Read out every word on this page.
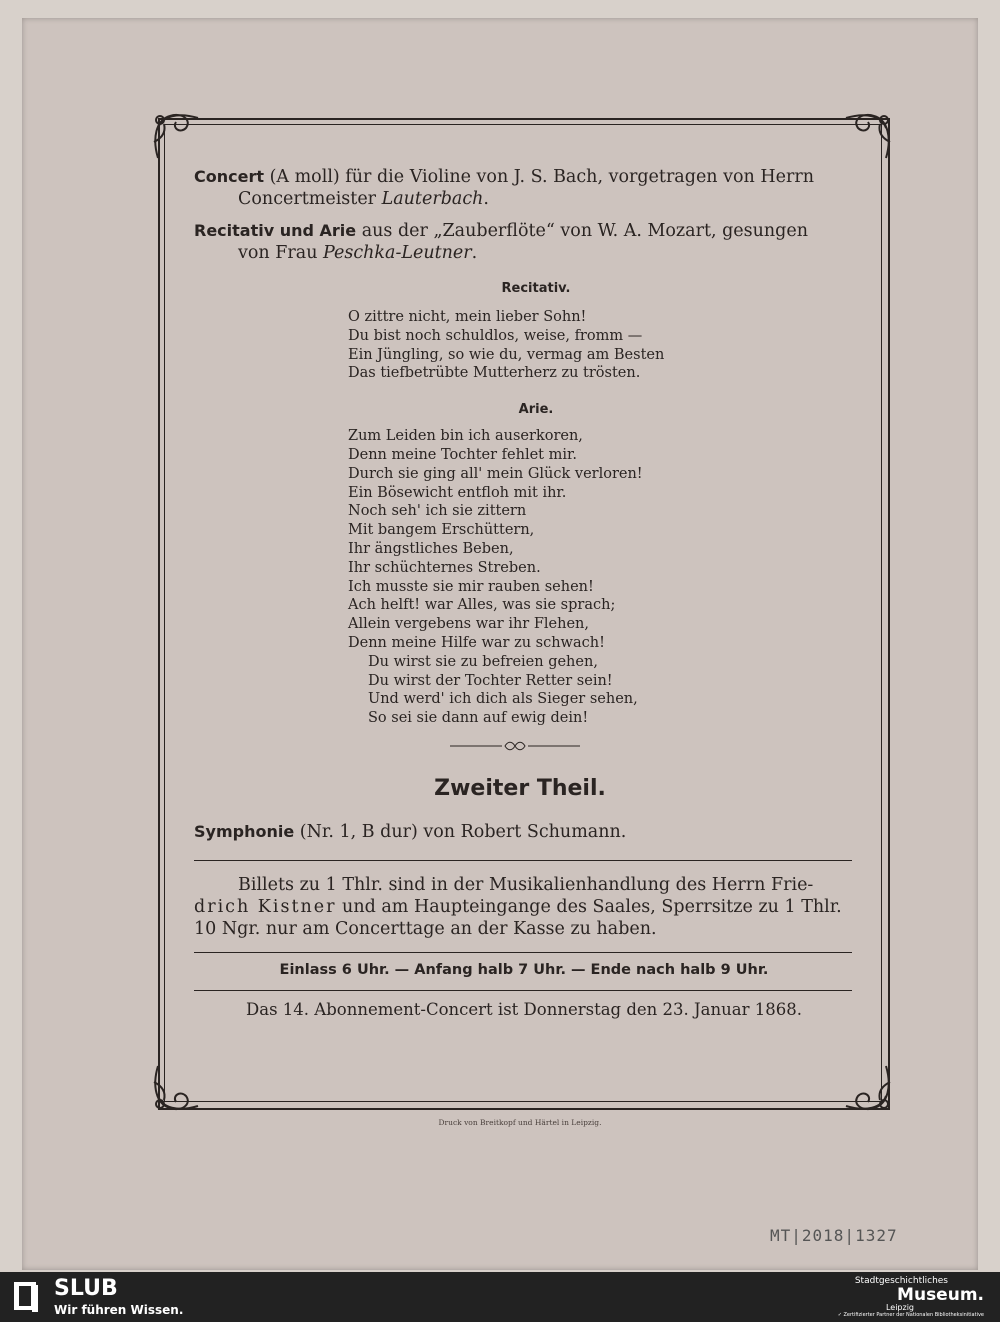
Concert (A moll) für die Violine von J. S. Bach, vorgetragen von Herrn
Concertmeister Lauterbach.

Recitativ und Arie aus der „Zauberflöte“ von W. A. Mozart, gesungen
von Frau Peschka-Leutner.

Recitativ.

O zittre nicht, mein lieber Sohn!
Du bist noch schuldlos, weise, fromm —
Ein Jüngling, so wie du, vermag am Besten
Das tiefbetrübte Mutterherz zu trösten.

Arie.

Zum Leiden bin ich auserkoren,
Denn meine Tochter fehlet mir.
Durch sie ging all' mein Glück verloren!
Ein Bösewicht entfloh mit ihr.
Noch seh' ich sie zittern
Mit bangem Erschüttern,
Ihr ängstliches Beben,
Ihr schüchternes Streben.
Ich musste sie mir rauben sehen!
Ach helft! war Alles, was sie sprach;
Allein vergebens war ihr Flehen,
Denn meine Hilfe war zu schwach!
Du wirst sie zu befreien gehen,
Du wirst der Tochter Retter sein!
Und werd' ich dich als Sieger sehen,
So sei sie dann auf ewig dein!
Zweiter Theil.
Symphonie (Nr. 1, B dur) von Robert Schumann.

Billets zu 1 Thlr. sind in der Musikalienhandlung des Herrn Frie-
drich Kistner und am Haupteingange des Saales, Sperrsitze zu 1 Thlr.
10 Ngr. nur am Concerttage an der Kasse zu haben.

Einlass 6 Uhr. — Anfang halb 7 Uhr. — Ende nach halb 9 Uhr.
Das 14. Abonnement-Concert ist Donnerstag den 23. Januar 1868.
Druck von Breitkopf und Härtel in Leipzig.
MT|2018|1327
SLUB
Wir führen Wissen.
Stadtgeschichtliches
Museum.
Leipzig
✓ Zertifizierter Partner der Nationalen Bibliotheksinitiative
